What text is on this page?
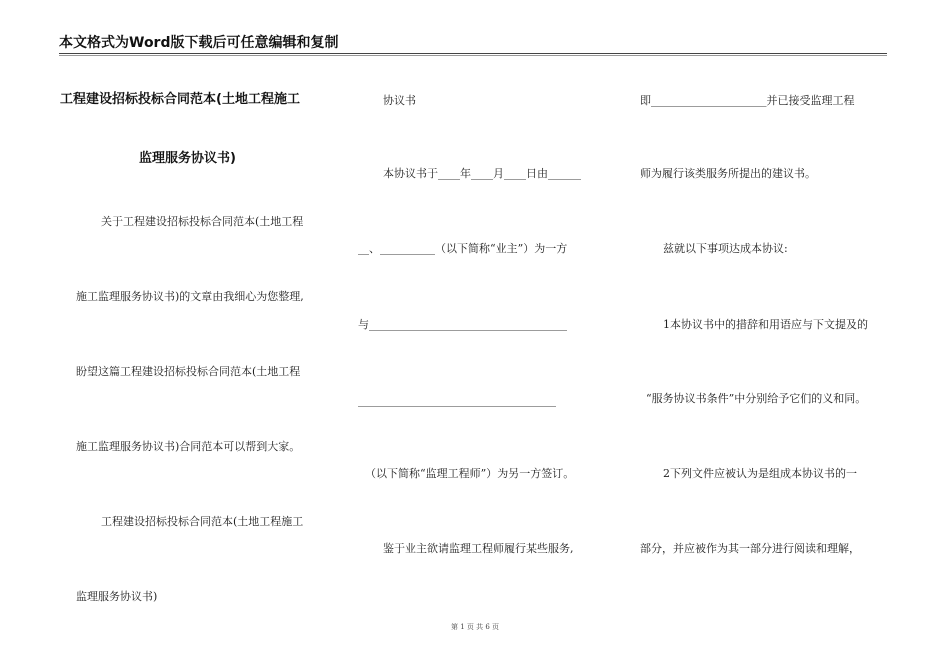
本文格式为Word版下载后可任意编辑和复制
工程建设招标投标合同范本(土地工程施工
监理服务协议书)
关于工程建设招标投标合同范本(土地工程
施工监理服务协议书)的文章由我细心为您整理,
盼望这篇工程建设招标投标合同范本(土地工程
施工监理服务协议书)合同范本可以帮到大家。
工程建设招标投标合同范本(土地工程施工
监理服务协议书)
协议书
本协议书于____年____月____日由______
__、__________（以下简称“业主”）为一方
与____________________________________
____________________________________
（以下简称“监理工程师”）为另一方签订。
鉴于业主欲请监理工程师履行某些服务,
即_____________________并已接受监理工程
师为履行该类服务所提出的建议书。
兹就以下事项达成本协议:
1本协议书中的措辞和用语应与下文提及的
“服务协议书条件”中分别给予它们的义和同。
2下列文件应被认为是组成本协议书的一
部分，并应被作为其一部分进行阅读和理解，
第 1 页 共 6 页
